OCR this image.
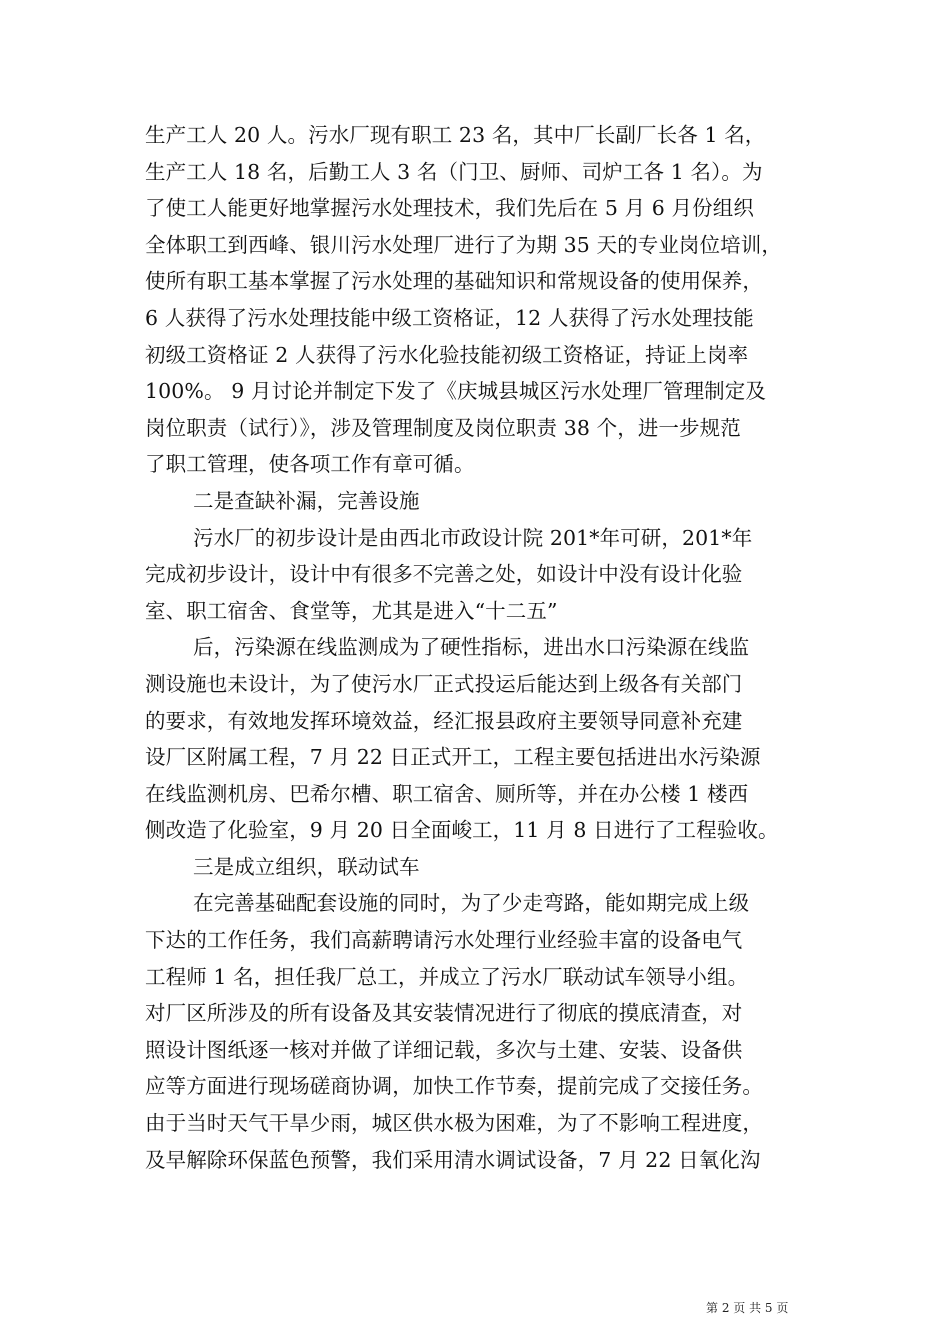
生产工人 20 人。污水厂现有职工 23 名，其中厂长副厂长各 1 名，
生产工人 18 名，后勤工人 3 名（门卫、厨师、司炉工各 1 名）。为
了使工人能更好地掌握污水处理技术，我们先后在 5 月 6 月份组织
全体职工到西峰、银川污水处理厂进行了为期 35 天的专业岗位培训，
使所有职工基本掌握了污水处理的基础知识和常规设备的使用保养，
6 人获得了污水处理技能中级工资格证，12 人获得了污水处理技能
初级工资格证 2 人获得了污水化验技能初级工资格证，持证上岗率
100%。 9 月讨论并制定下发了《庆城县城区污水处理厂管理制定及
岗位职责（试行）》，涉及管理制度及岗位职责 38 个，进一步规范
了职工管理，使各项工作有章可循。
二是查缺补漏，完善设施
污水厂的初步设计是由西北市政设计院 201*年可研，201*年
完成初步设计，设计中有很多不完善之处，如设计中没有设计化验
室、职工宿舍、食堂等，尤其是进入“十二五”
后，污染源在线监测成为了硬性指标，进出水口污染源在线监
测设施也未设计，为了使污水厂正式投运后能达到上级各有关部门
的要求，有效地发挥环境效益，经汇报县政府主要领导同意补充建
设厂区附属工程，7 月 22 日正式开工，工程主要包括进出水污染源
在线监测机房、巴希尔槽、职工宿舍、厕所等，并在办公楼 1 楼西
侧改造了化验室，9 月 20 日全面峻工，11 月 8 日进行了工程验收。
三是成立组织，联动试车
在完善基础配套设施的同时，为了少走弯路，能如期完成上级
下达的工作任务，我们高薪聘请污水处理行业经验丰富的设备电气
工程师 1 名，担任我厂总工，并成立了污水厂联动试车领导小组。
对厂区所涉及的所有设备及其安装情况进行了彻底的摸底清查，对
照设计图纸逐一核对并做了详细记载，多次与土建、安装、设备供
应等方面进行现场磋商协调，加快工作节奏，提前完成了交接任务。
由于当时天气干旱少雨，城区供水极为困难，为了不影响工程进度，
及早解除环保蓝色预警，我们采用清水调试设备，7 月 22 日氧化沟
第 2 页 共 5 页
